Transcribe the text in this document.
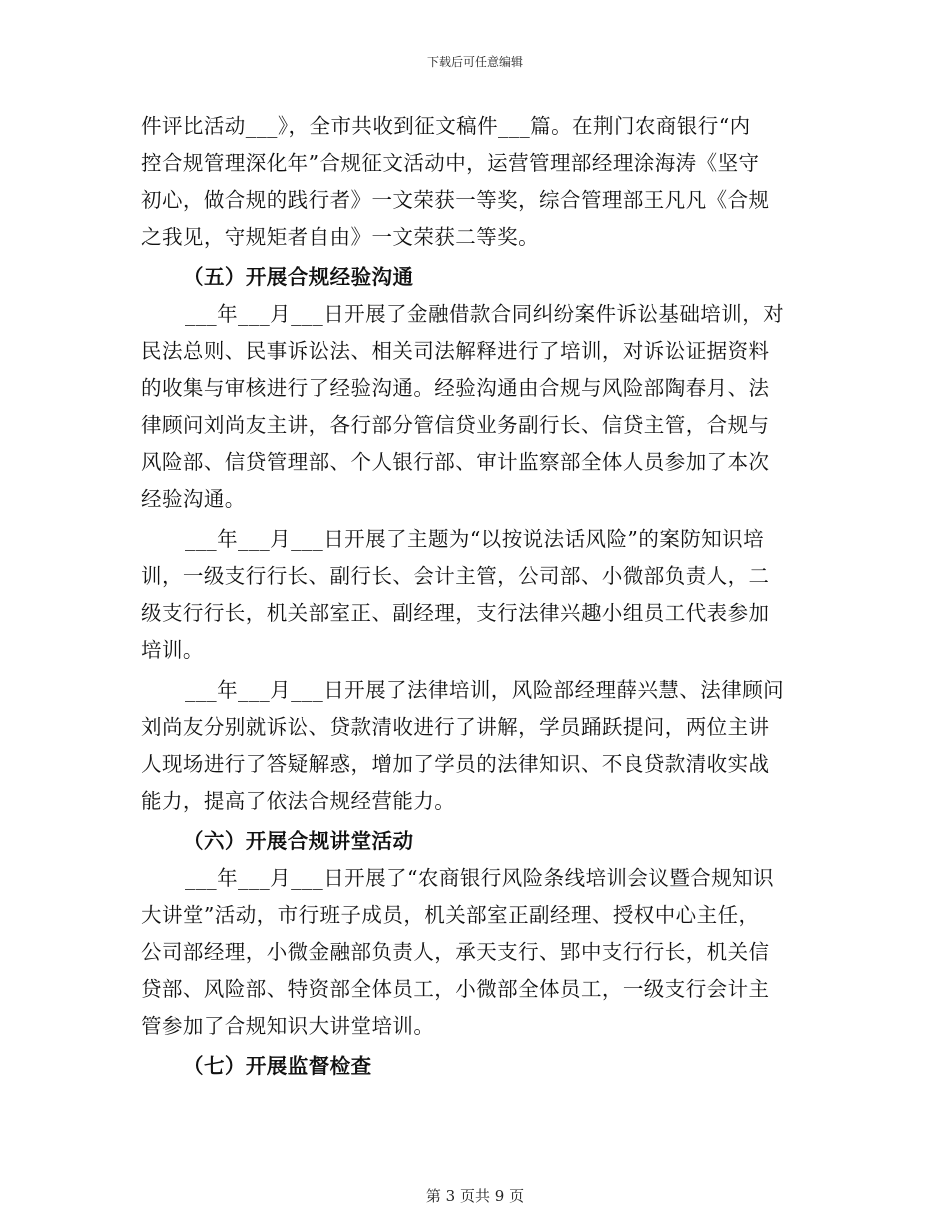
下载后可任意编辑
件评比活动___》，全市共收到征文稿件___篇。在荆门农商银行“内
控合规管理深化年”合规征文活动中，运营管理部经理涂海涛《坚守
初心，做合规的践行者》一文荣获一等奖，综合管理部王凡凡《合规
之我见，守规矩者自由》一文荣获二等奖。
（五）开展合规经验沟通
___年___月___日开展了金融借款合同纠纷案件诉讼基础培训，对
民法总则、民事诉讼法、相关司法解释进行了培训，对诉讼证据资料
的收集与审核进行了经验沟通。经验沟通由合规与风险部陶春月、法
律顾问刘尚友主讲，各行部分管信贷业务副行长、信贷主管，合规与
风险部、信贷管理部、个人银行部、审计监察部全体人员参加了本次
经验沟通。
___年___月___日开展了主题为“以按说法话风险”的案防知识培
训，一级支行行长、副行长、会计主管，公司部、小微部负责人，二
级支行行长，机关部室正、副经理，支行法律兴趣小组员工代表参加
培训。
___年___月___日开展了法律培训，风险部经理薛兴慧、法律顾问
刘尚友分别就诉讼、贷款清收进行了讲解，学员踊跃提问，两位主讲
人现场进行了答疑解惑，增加了学员的法律知识、不良贷款清收实战
能力，提高了依法合规经营能力。
（六）开展合规讲堂活动
___年___月___日开展了“农商银行风险条线培训会议暨合规知识
大讲堂”活动，市行班子成员，机关部室正副经理、授权中心主任，
公司部经理，小微金融部负责人，承天支行、郢中支行行长，机关信
贷部、风险部、特资部全体员工，小微部全体员工，一级支行会计主
管参加了合规知识大讲堂培训。
（七）开展监督检查
第 3 页共 9 页
